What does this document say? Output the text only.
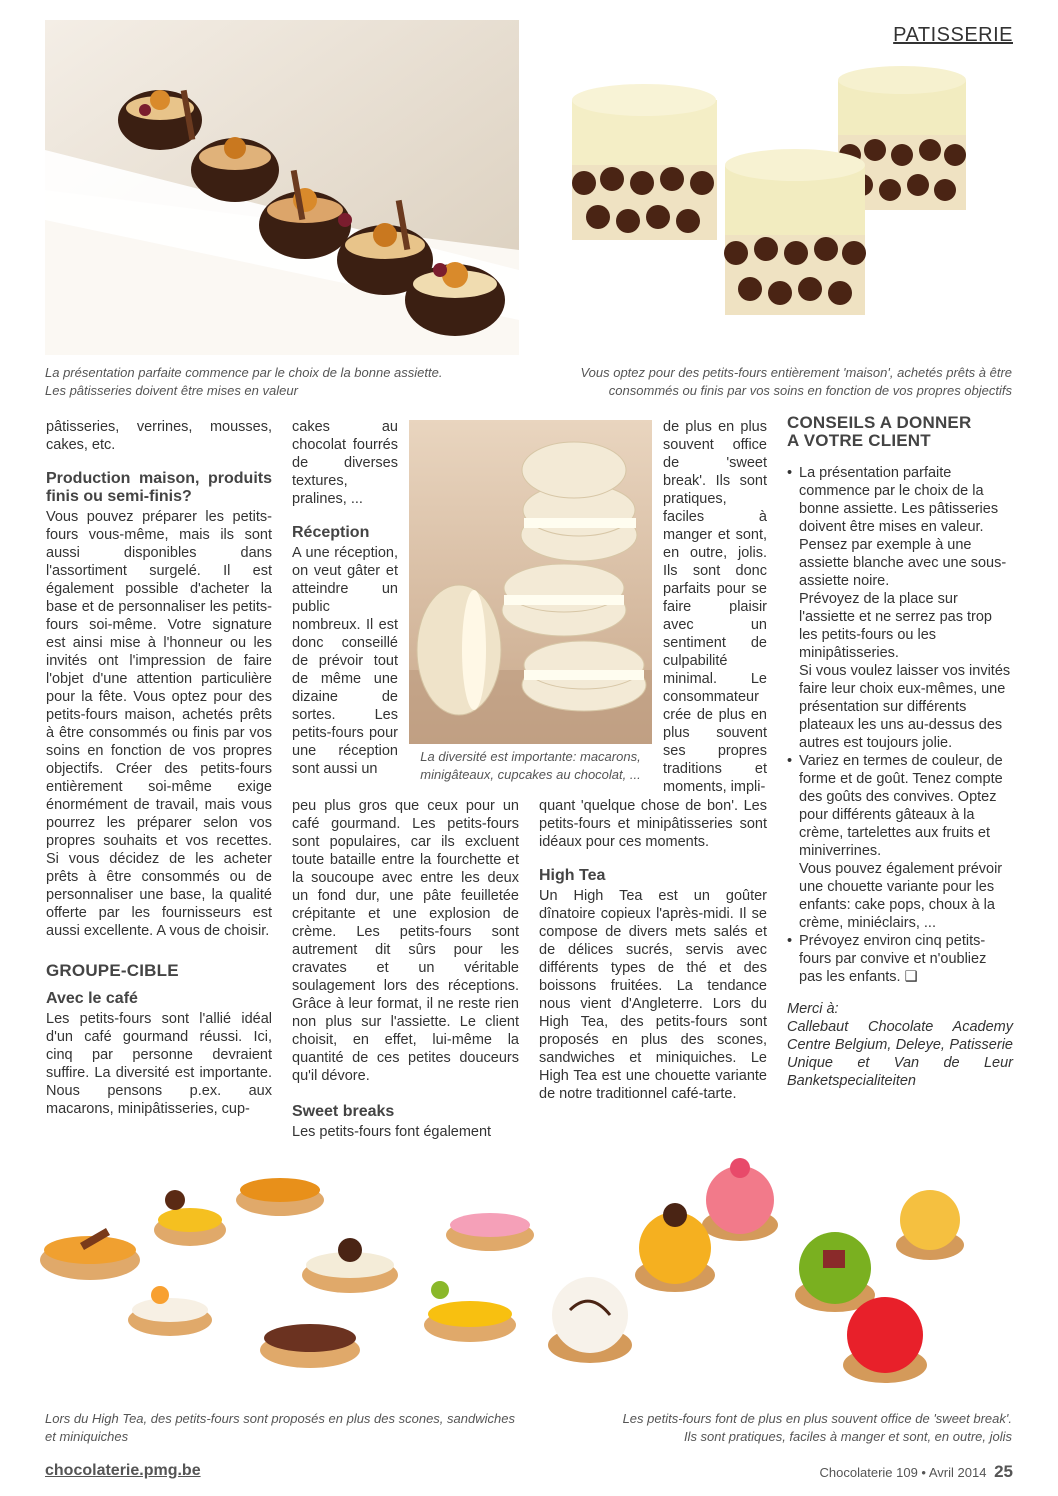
PATISSERIE
La présentation parfaite commence par le choix de la bonne assiette.
Les pâtisseries doivent être mises en valeur
Vous optez pour des petits-fours entièrement 'maison', achetés prêts à être
consommés ou finis par vos soins en fonction de vos propres objectifs

pâtisseries, verrines, mousses, cakes, etc.

Production maison, produits finis ou semi-finis?

Vous pouvez préparer les petits-fours vous-même, mais ils sont aussi disponibles dans l'assortiment surgelé. Il est également possible d'acheter la base et de personnaliser les petits-fours soi-même. Votre signature est ainsi mise à l'honneur ou les invités ont l'impression de faire l'objet d'une attention particulière pour la fête. Vous optez pour des petits-fours maison, achetés prêts à être consommés ou finis par vos soins en fonction de vos propres objectifs. Créer des petits-fours entièrement soi-même exige énormément de travail, mais vous pourrez les préparer selon vos propres souhaits et vos recettes. Si vous décidez de les acheter prêts à être consommés ou de personnaliser une base, la qualité offerte par les fournisseurs est aussi excellente. A vous de choisir.

GROUPE-CIBLE
Avec le café

Les petits-fours sont l'allié idéal d'un café gourmand réussi. Ici, cinq par personne devraient suffire. La diversité est importante. Nous pensons p.ex. aux macarons, minipâtisseries, cup-

cakes au chocolat fourrés de diverses textures, pralines, ...

Réception

A une réception, on veut gâter et atteindre un public nombreux. Il est donc conseillé de prévoir tout de même une dizaine de sortes. Les petits-fours pour une réception sont aussi un

La diversité est importante: macarons,
minigâteaux, cupcakes au chocolat, ...

de plus en plus souvent office de 'sweet break'. Ils sont pratiques, faciles à manger et sont, en outre, jolis. Ils sont donc parfaits pour se faire plaisir avec un sentiment de culpabilité minimal. Le consommateur crée de plus en plus souvent ses propres traditions et moments, impli-

peu plus gros que ceux pour un café gourmand. Les petits-fours sont populaires, car ils excluent toute bataille entre la fourchette et la soucoupe avec entre les deux un fond dur, une pâte feuilletée crépitante et une explosion de crème. Les petits-fours sont autrement dit sûrs pour les cravates et un véritable soulagement lors des réceptions. Grâce à leur format, il ne reste rien non plus sur l'assiette. Le client choisit, en effet, lui-même la quantité de ces petites douceurs qu'il dévore.

Sweet breaks

Les petits-fours font également

quant 'quelque chose de bon'. Les petits-fours et minipâtisseries sont idéaux pour ces moments.

High Tea

Un High Tea est un goûter dînatoire copieux l'après-midi. Il se compose de divers mets salés et de délices sucrés, servis avec différents types de thé et des boissons fruitées. La tendance nous vient d'Angleterre. Lors du High Tea, des petits-fours sont proposés en plus des scones, sandwiches et miniquiches. Le High Tea est une chouette variante de notre traditionnel café-tarte.

CONSEILS A DONNER
A VOTRE CLIENT
• La présentation parfaite commence par le choix de la bonne assiette. Les pâtisseries doivent être mises en valeur. Pensez par exemple à une assiette blanche avec une sous-assiette noire.

Prévoyez de la place sur l'assiette et ne serrez pas trop les petits-fours ou les minipâtisseries.

Si vous voulez laisser vos invités faire leur choix eux-mêmes, une présentation sur différents plateaux les uns au-dessus des autres est toujours jolie.

• Variez en termes de couleur, de forme et de goût. Tenez compte des goûts des convives. Optez pour différents gâteaux à la crème, tartelettes aux fruits et miniverrines.

Vous pouvez également prévoir une chouette variante pour les enfants: cake pops, choux à la crème, miniéclairs, ...

• Prévoyez environ cinq petits-fours par convive et n'oubliez pas les enfants. ❑

Merci à:
Callebaut Chocolate Academy Centre Belgium, Deleye, Patisserie Unique et Van de Leur Banketspecialiteiten
Lors du High Tea, des petits-fours sont proposés en plus des scones, sandwiches
et miniquiches
Les petits-fours font de plus en plus souvent office de 'sweet break'.
Ils sont pratiques, faciles à manger et sont, en outre, jolis
chocolaterie.pmg.be	Chocolaterie 109 • Avril 2014 25
